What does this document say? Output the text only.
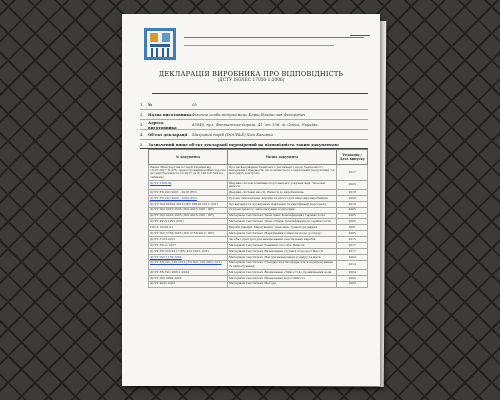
ДЕКЛАРАЦІЯ ВИРОБНИКА ПРО ВІДПОВІДНІСТЬ
(ДСТУ ISO/IEC 17050-1:2006)
1.	№	05
2.	Назва виготовника Фізична особа підприємець Борщ Владислав Федорович
3.	Адреса виготовника	65040, вул. Фонтанська дорога, 41, кв. 158, м. Одеса, Україна
4.	Об'єкт декларації	Махровий виріб (DOUBLE) Хим Бавовна
5.	Зазначений вище об'єкт декларації перевірений на відповідність таким документам:
№ документа	Назва документа	Редакція / Дата випуску
Наказ Міністерства юстиції України від 18.07.2017 № 475, зареєстрований в Міністерстві юстиції України 01.12.2017 за № 1461/31329 (із змінами)	Про затвердження Технічного регламенту щодо безпечності матеріалів і предметів, що контактують з харчовими продуктами, та методів їх контролю	2017
ДСТУ 2508-99	Шарики систем зовнішньоторговельної документації. Загальні вимоги	2003
ДСТУ EN ISO 9001 - 2018 (EN)	Шарики системи якості. Вимоги до виробництва	2018
ДСТУ EN ISO 9002 - 2009 (EN)	Рулони синтетичних виробів та якості для шкірових виробництв	2009
ДСТУ ISO 60520:2019 (IEC 60520:2011, IDT)	Організація та проведення навчання та кваліфікації персоналу	2019
ДСТУ ISO 4915:2005 (ISO 4915:1991, IDT)	Ступені захисту, забезпечувані корпусами	2005
ДСТУ ISO 4916:2005 (ISO 4916:1991, IDT)	Матеріали текстильні. Типи швів. Класифікація і термінологія	2005
ДСТУ 4915:1991 (IDT)	Матеріали текстильні. Типи стібків. Класифікація та термінологія	2005
ГОСТ 10581-91	Вироби швейні. Маркування, упаковка, транспортування	1991
ДСТУ ISO 3758:2005 (ISO 3758:2012, IDT)	Матеріали текстильні. Маркування (символи щодо догляду)	2005
ДСТУ 3133:2015	Засоби і пристрої для вимірювання текстильних виробів	2015
ДСТУ EN 4: 2017	Матеріали текстильні. Зовнішні способи. Вимоги	2017
ДСТУ EN 453:2017 (EN 453:2015, IDT)	Матеріали текстильні. Визначення ступеня кольоростійкості	2017
ДСТУ ISO 1139:2004	Матеріали текстильні. Методи визначення розміру та маси	2004
ДСТУ EN ISO 139:2014 (EN ISO 139:2005, IDT)	Матеріали текстильні. Стандартні атмосфери для кондиціонування та випробування	2014
ДСТУ EN ISO 20811:2004	Матеріали текстильні. Визначення стійкості до проникнення води	2004
ДСТУ ISO 4920:2002	Матеріали текстильні. Визначення водостійкості	2002
ДСТУ 4035 2003	Матеріали текстильні. Методи	2003
